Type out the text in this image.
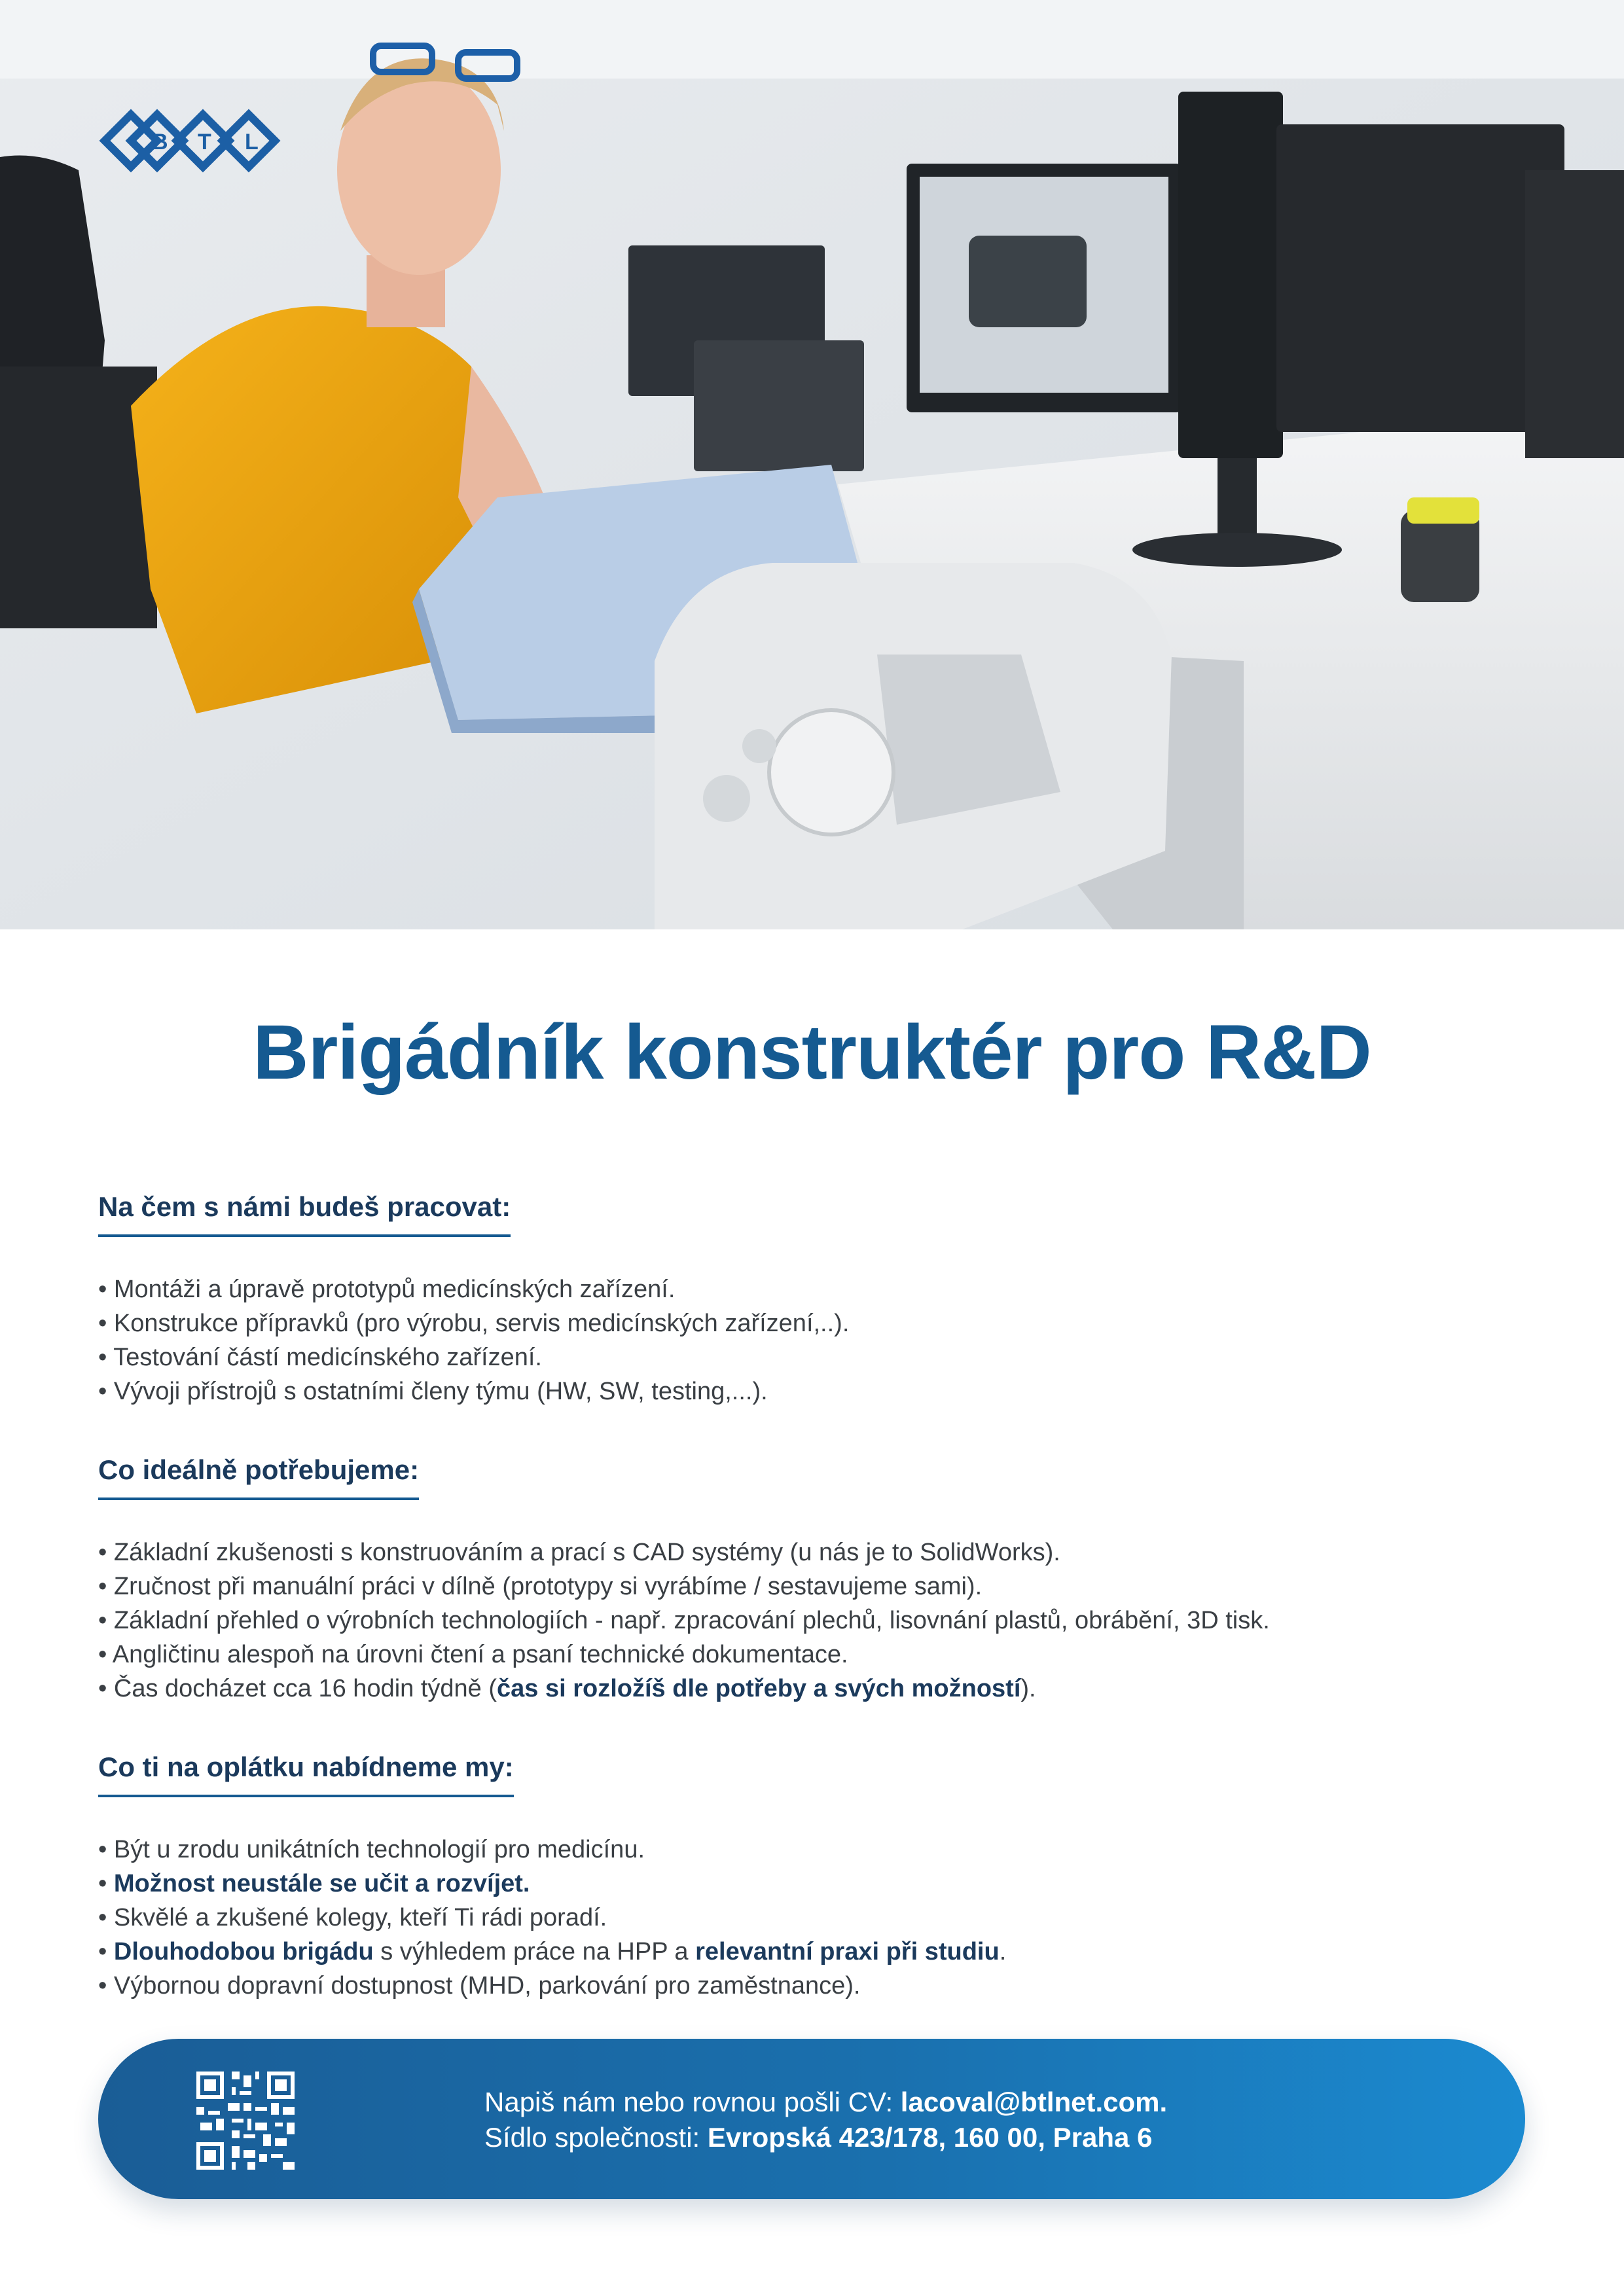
B T L
Brigádník konstruktér pro R&D
Na čem s námi budeš pracovat:
• Montáži a úpravě prototypů medicínských zařízení.
• Konstrukce přípravků (pro výrobu, servis medicínských zařízení,..).
• Testování částí medicínského zařízení.
• Vývoji přístrojů s ostatními členy týmu (HW, SW, testing,...).
Co ideálně potřebujeme:
• Základní zkušenosti s konstruováním a prací s CAD systémy (u nás je to SolidWorks).
• Zručnost při manuální práci v dílně (prototypy si vyrábíme / sestavujeme sami).
• Základní přehled o výrobních technologiích - např. zpracování plechů, lisovnání plastů, obrábění, 3D tisk.
• Angličtinu alespoň na úrovni čtení a psaní technické dokumentace.
• Čas docházet cca 16 hodin týdně (čas si rozložíš dle potřeby a svých možností).
Co ti na oplátku nabídneme my:
• Být u zrodu unikátních technologií pro medicínu.
• Možnost neustále se učit a rozvíjet.
• Skvělé a zkušené kolegy, kteří Ti rádi poradí.
• Dlouhodobou brigádu s výhledem práce na HPP a relevantní praxi při studiu.
• Výbornou dopravní dostupnost (MHD, parkování pro zaměstnance).
Napiš nám nebo rovnou pošli CV: lacoval@btlnet.com.
Sídlo společnosti: Evropská 423/178, 160 00, Praha 6
